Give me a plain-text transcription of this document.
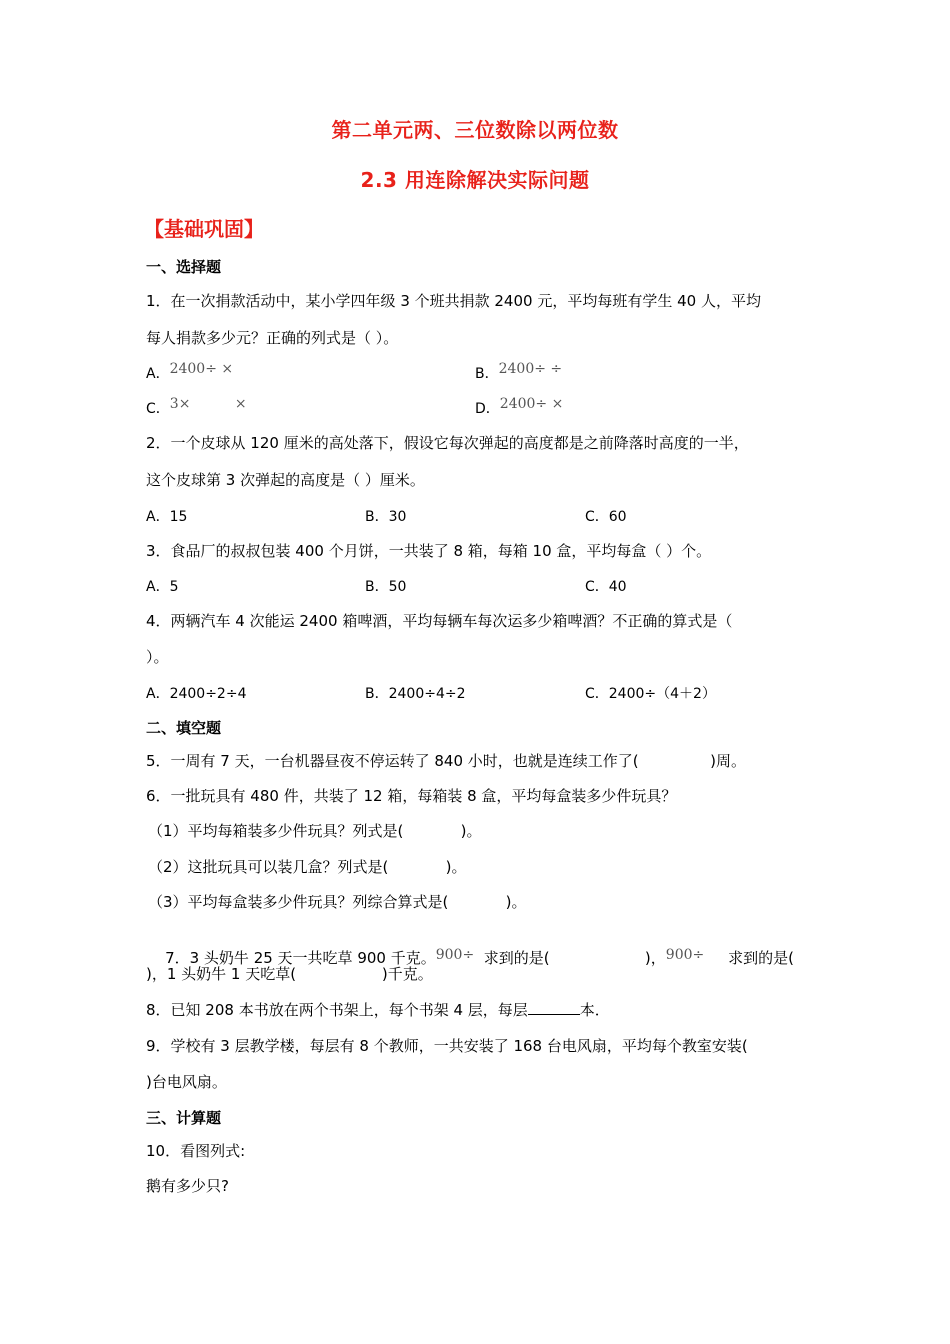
第二单元两、三位数除以两位数
2.3 用连除解决实际问题
【基础巩固】
一、选择题
1．在一次捐款活动中，某小学四年级 3 个班共捐款 2400 元，平均每班有学生 40 人，平均
每人捐款多少元？正确的列式是（ ）。
A．2400÷ ×	B．2400÷ ÷
C．3×          ×	D．2400÷ ×
2．一个皮球从 120 厘米的高处落下，假设它每次弹起的高度都是之前降落时高度的一半，
这个皮球第 3 次弹起的高度是（ ）厘米。
A．15	B．30	C．60
3．食品厂的叔叔包装 400 个月饼，一共装了 8 箱，每箱 10 盒，平均每盒（ ）个。
A．5	B．50	C．40
4．两辆汽车 4 次能运 2400 箱啤酒，平均每辆车每次运多少箱啤酒？不正确的算式是（
）。
A．2400÷2÷4	B．2400÷4÷2	C．2400÷（4＋2）
二、填空题
5．一周有 7 天，一台机器昼夜不停运转了 840 小时，也就是连续工作了(               )周。
6．一批玩具有 480 件，共装了 12 箱，每箱装 8 盒，平均每盒装多少件玩具？
（1）平均每箱装多少件玩具？列式是(            )。
（2）这批玩具可以装几盒？列式是(            )。
（3）平均每盒装多少件玩具？列综合算式是(            )。

7．3 头奶牛 25 天一共吃草 900 千克。900÷  求到的是(                    )，900÷     求到的是(

)，1 头奶牛 1 天吃草(                  )千克。
8．已知 208 本书放在两个书架上，每个书架 4 层，每层	本．
9．学校有 3 层教学楼，每层有 8 个教师，一共安装了 168 台电风扇，平均每个教室安装(
)台电风扇。
三、计算题
10．看图列式:
鹅有多少只?
